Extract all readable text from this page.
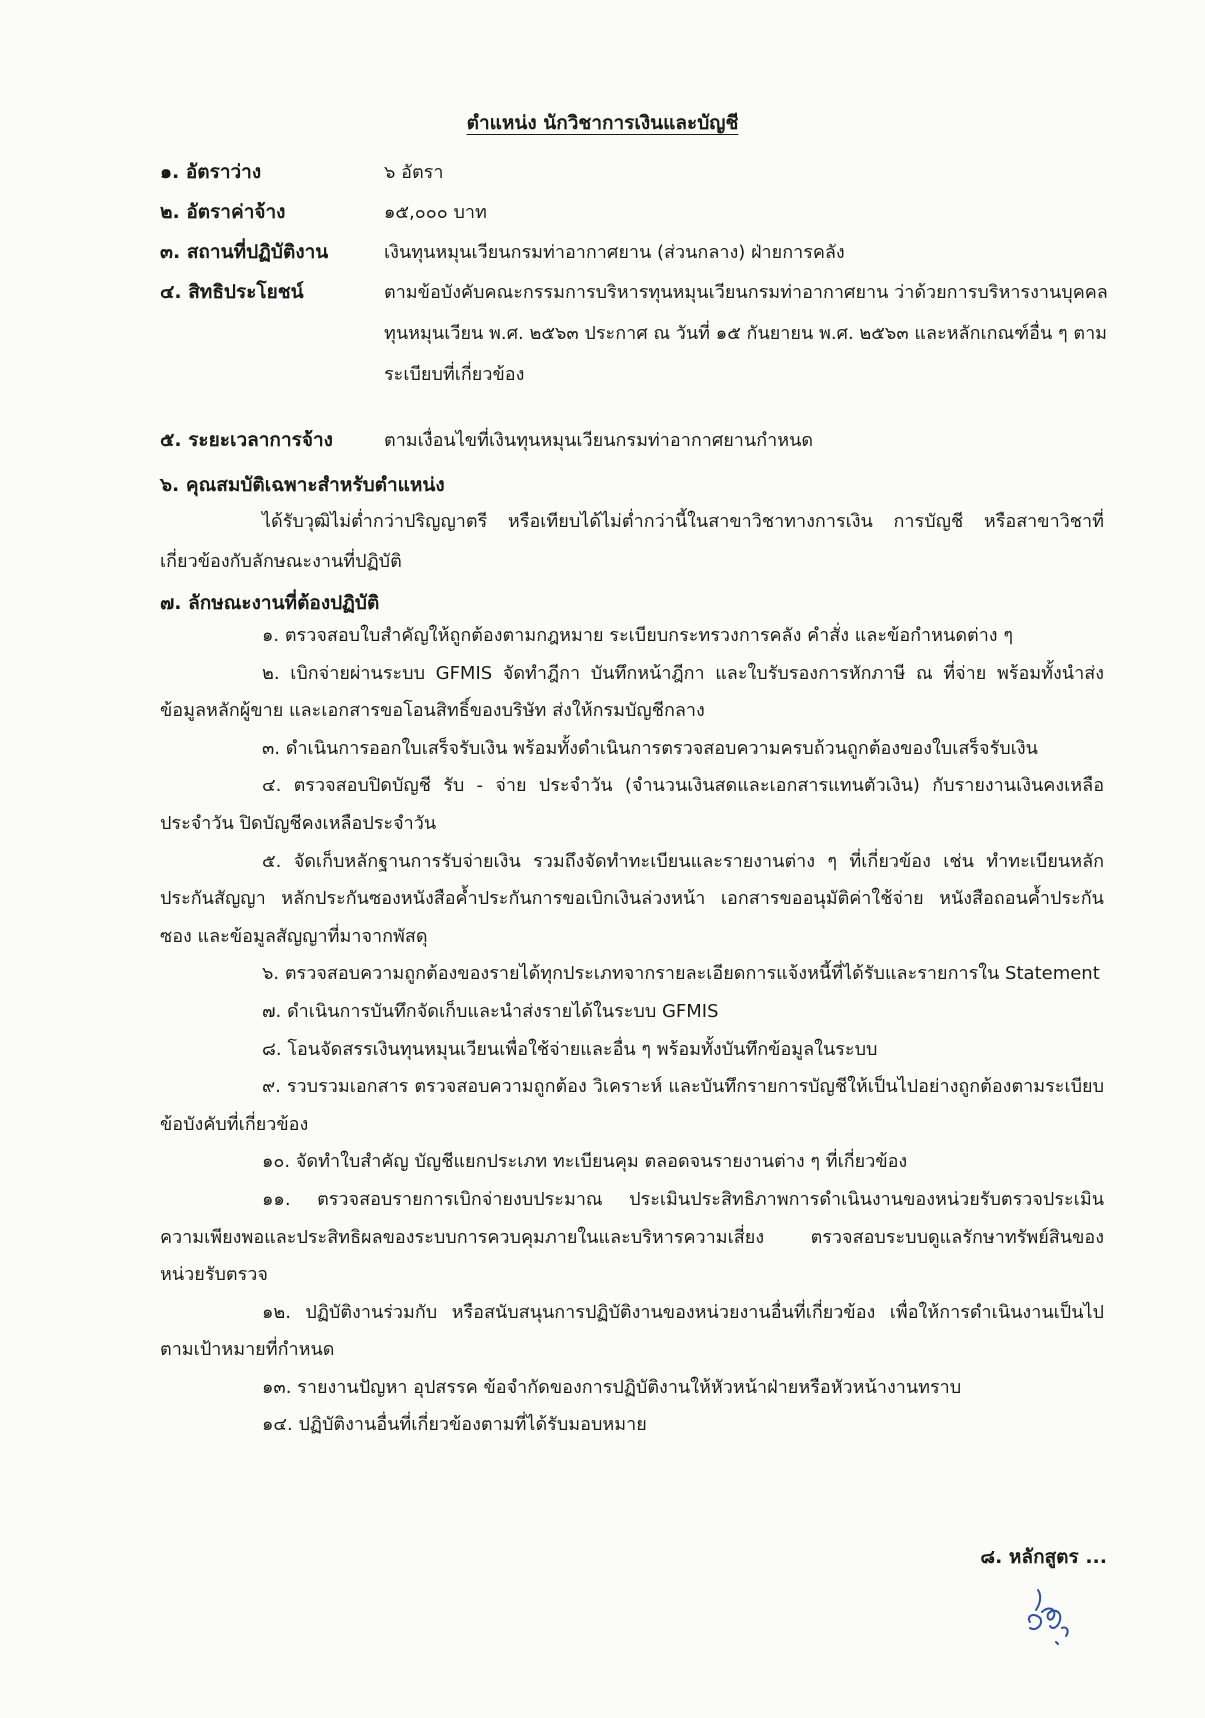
ตำแหน่ง นักวิชาการเงินและบัญชี
๑. อัตราว่าง	๖ อัตรา
๒. อัตราค่าจ้าง	๑๕,๐๐๐ บาท
๓. สถานที่ปฏิบัติงาน	เงินทุนหมุนเวียนกรมท่าอากาศยาน (ส่วนกลาง) ฝ่ายการคลัง
๔. สิทธิประโยชน์	ตามข้อบังคับคณะกรรมการบริหารทุนหมุนเวียนกรมท่าอากาศยาน ว่าด้วยการบริหารงานบุคคลทุนหมุนเวียน พ.ศ. ๒๕๖๓ ประกาศ ณ วันที่ ๑๕ กันยายน พ.ศ. ๒๕๖๓ และหลักเกณฑ์อื่น ๆ ตามระเบียบที่เกี่ยวข้อง
๕. ระยะเวลาการจ้าง	ตามเงื่อนไขที่เงินทุนหมุนเวียนกรมท่าอากาศยานกำหนด
๖. คุณสมบัติเฉพาะสำหรับตำแหน่ง
ได้รับวุฒิไม่ต่ำกว่าปริญญาตรี หรือเทียบได้ไม่ต่ำกว่านี้ในสาขาวิชาทางการเงิน การบัญชี หรือสาขาวิชาที่เกี่ยวข้องกับลักษณะงานที่ปฏิบัติ
๗. ลักษณะงานที่ต้องปฏิบัติ
๑. ตรวจสอบใบสำคัญให้ถูกต้องตามกฎหมาย ระเบียบกระทรวงการคลัง คำสั่ง และข้อกำหนดต่าง ๆ
๒. เบิกจ่ายผ่านระบบ GFMIS จัดทำฎีกา บันทึกหน้าฎีกา และใบรับรองการหักภาษี ณ ที่จ่าย พร้อมทั้งนำส่งข้อมูลหลักผู้ขาย และเอกสารขอโอนสิทธิ์ของบริษัท ส่งให้กรมบัญชีกลาง
๓. ดำเนินการออกใบเสร็จรับเงิน พร้อมทั้งดำเนินการตรวจสอบความครบถ้วนถูกต้องของใบเสร็จรับเงิน
๔. ตรวจสอบปิดบัญชี รับ - จ่าย ประจำวัน (จำนวนเงินสดและเอกสารแทนตัวเงิน) กับรายงานเงินคงเหลือประจำวัน ปิดบัญชีคงเหลือประจำวัน
๕. จัดเก็บหลักฐานการรับจ่ายเงิน รวมถึงจัดทำทะเบียนและรายงานต่าง ๆ ที่เกี่ยวข้อง เช่น ทำทะเบียนหลักประกันสัญญา หลักประกันซองหนังสือค้ำประกันการขอเบิกเงินล่วงหน้า เอกสารขออนุมัติค่าใช้จ่าย หนังสือถอนค้ำประกันซอง และข้อมูลสัญญาที่มาจากพัสดุ
๖. ตรวจสอบความถูกต้องของรายได้ทุกประเภทจากรายละเอียดการแจ้งหนี้ที่ได้รับและรายการใน Statement
๗. ดำเนินการบันทึกจัดเก็บและนำส่งรายได้ในระบบ GFMIS
๘. โอนจัดสรรเงินทุนหมุนเวียนเพื่อใช้จ่ายและอื่น ๆ พร้อมทั้งบันทึกข้อมูลในระบบ
๙. รวบรวมเอกสาร ตรวจสอบความถูกต้อง วิเคราะห์ และบันทึกรายการบัญชีให้เป็นไปอย่างถูกต้องตามระเบียบข้อบังคับที่เกี่ยวข้อง
๑๐. จัดทำใบสำคัญ บัญชีแยกประเภท ทะเบียนคุม ตลอดจนรายงานต่าง ๆ ที่เกี่ยวข้อง
๑๑. ตรวจสอบรายการเบิกจ่ายงบประมาณ ประเมินประสิทธิภาพการดำเนินงานของหน่วยรับตรวจประเมินความเพียงพอและประสิทธิผลของระบบการควบคุมภายในและบริหารความเสี่ยง ตรวจสอบระบบดูแลรักษาทรัพย์สินของหน่วยรับตรวจ
๑๒. ปฏิบัติงานร่วมกับ หรือสนับสนุนการปฏิบัติงานของหน่วยงานอื่นที่เกี่ยวข้อง เพื่อให้การดำเนินงานเป็นไปตามเป้าหมายที่กำหนด
๑๓. รายงานปัญหา อุปสรรค ข้อจำกัดของการปฏิบัติงานให้หัวหน้าฝ่ายหรือหัวหน้างานทราบ
๑๔. ปฏิบัติงานอื่นที่เกี่ยวข้องตามที่ได้รับมอบหมาย
๘. หลักสูตร ...
